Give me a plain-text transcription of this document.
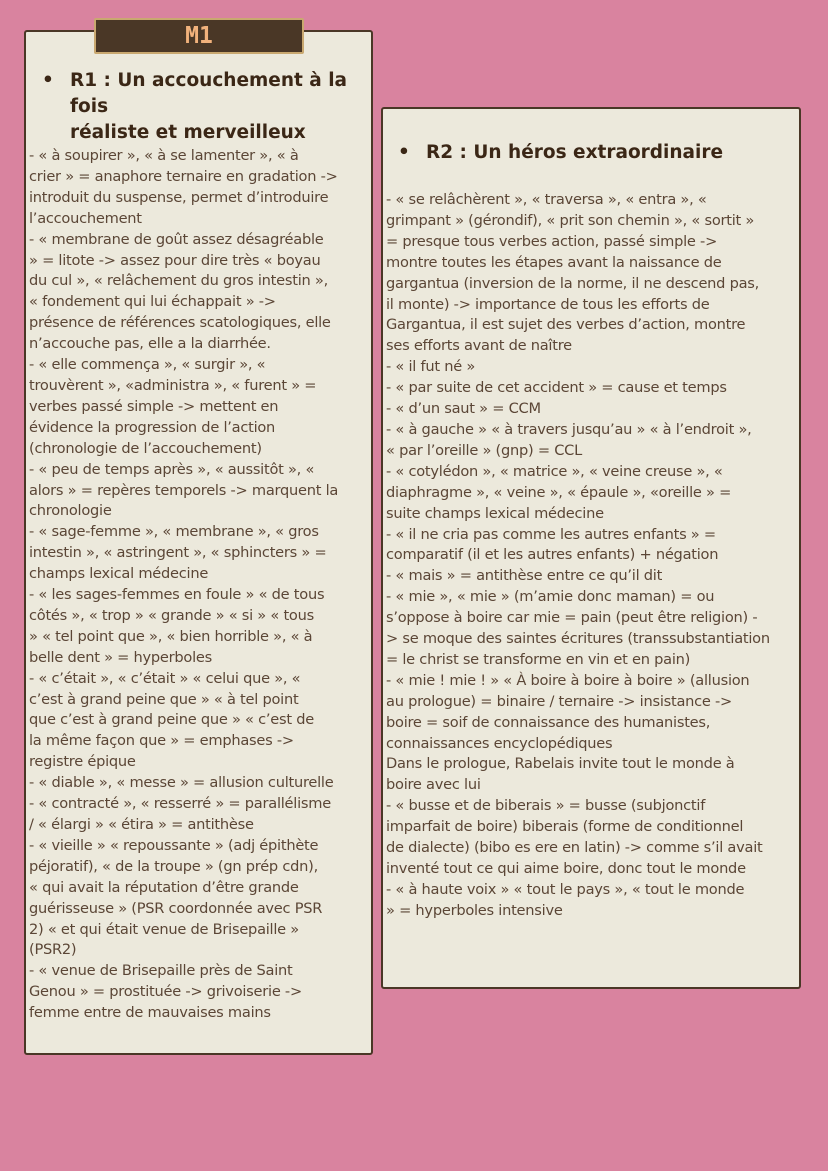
M1
• R1 : Un accouchement à la fois
réaliste et merveilleux
- « à soupirer », « à se lamenter », « à
crier » = anaphore ternaire en gradation ->
introduit du suspense, permet d’introduire
l’accouchement
- « membrane de goût assez désagréable
» = litote -> assez pour dire très « boyau
du cul », « relâchement du gros intestin »,
« fondement qui lui échappait » ->
présence de références scatologiques, elle
n’accouche pas, elle a la diarrhée.
- « elle commença », « surgir », «
trouvèrent », «administra », « furent » =
verbes passé simple -> mettent en
évidence la progression de l’action
(chronologie de l’accouchement)
- « peu de temps après », « aussitôt », «
alors » = repères temporels -> marquent la
chronologie
- « sage-femme », « membrane », « gros
intestin », « astringent », « sphincters » =
champs lexical médecine
- « les sages-femmes en foule » « de tous
côtés », « trop » « grande » « si » « tous
» « tel point que », « bien horrible », « à
belle dent » = hyperboles
- « c’était », « c’était » « celui que », «
c’est à grand peine que » « à tel point
que c’est à grand peine que » « c’est de
la même façon que » = emphases ->
registre épique
- « diable », « messe » = allusion culturelle
- « contracté », « resserré » = parallélisme
/ « élargi » « étira » = antithèse
- « vieille » « repoussante » (adj épithète
péjoratif), « de la troupe » (gn prép cdn),
« qui avait la réputation d’être grande
guérisseuse » (PSR coordonnée avec PSR
2) « et qui était venue de Brisepaille »
(PSR2)
- « venue de Brisepaille près de Saint
Genou » = prostituée -> grivoiserie ->
femme entre de mauvaises mains
• R2 : Un héros extraordinaire
- « se relâchèrent », « traversa », « entra », «
grimpant » (gérondif), « prit son chemin », « sortit »
= presque tous verbes action, passé simple ->
montre toutes les étapes avant la naissance de
gargantua (inversion de la norme, il ne descend pas,
il monte) -> importance de tous les efforts de
Gargantua, il est sujet des verbes d’action, montre
ses efforts avant de naître
- « il fut né »
- « par suite de cet accident » = cause et temps
- « d’un saut » = CCM
- « à gauche » « à travers jusqu’au » « à l’endroit »,
« par l’oreille » (gnp) = CCL
- « cotylédon », « matrice », « veine creuse », «
diaphragme », « veine », « épaule », «oreille » =
suite champs lexical médecine
- « il ne cria pas comme les autres enfants » =
comparatif (il et les autres enfants) + négation
- « mais » = antithèse entre ce qu’il dit
- « mie », « mie » (m’amie donc maman) = ou
s’oppose à boire car mie = pain (peut être religion) -
> se moque des saintes écritures (transsubstantiation
= le christ se transforme en vin et en pain)
- « mie ! mie ! » « À boire à boire à boire » (allusion
au prologue) = binaire / ternaire -> insistance ->
boire = soif de connaissance des humanistes,
connaissances encyclopédiques
Dans le prologue, Rabelais invite tout le monde à
boire avec lui
- « busse et de biberais » = busse (subjonctif
imparfait de boire) biberais (forme de conditionnel
de dialecte) (bibo es ere en latin) -> comme s’il avait
inventé tout ce qui aime boire, donc tout le monde
- « à haute voix » « tout le pays », « tout le monde
» = hyperboles intensive
